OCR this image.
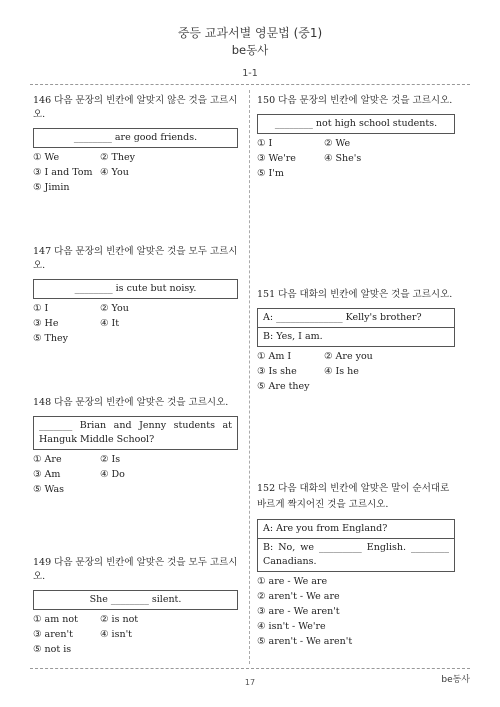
중등 교과서별 영문법 (중1)
be동사
1-1
146 다음 문장의 빈칸에 알맞지 않은 것을 고르시오.
________ are good friends.
① We	② They
③ I and Tom ④ You
⑤ Jimin
147 다음 문장의 빈칸에 알맞은 것을 모두 고르시오.
________ is cute but noisy.
① I	② You
③ He	④ It
⑤ They
148 다음 문장의 빈칸에 알맞은 것을 고르시오.
_______ Brian and Jenny students at Hanguk Middle School?
① Are	② Is
③ Am	④ Do
⑤ Was
149 다음 문장의 빈칸에 알맞은 것을 모두 고르시오.
She ________ silent.
① am not	② is not
③ aren't	④ isn't
⑤ not is
150 다음 문장의 빈칸에 알맞은 것을 고르시오.
________ not high school students.
① I	② We
③ We're	④ She's
⑤ I'm
151 다음 대화의 빈칸에 알맞은 것을 고르시오.
A: ______________ Kelly's brother?
B: Yes, I am.
① Am I	② Are you
③ Is she	④ Is he
⑤ Are they
152 다음 대화의 빈칸에 알맞은 말이 순서대로 바르게 짝지어진 것을 고르시오.
A: Are you from England?
B: No, we _________ English. ________ Canadians.
① are - We are
② aren't - We are
③ are - We aren't
④ isn't - We're
⑤ aren't - We aren't
be동사
17
